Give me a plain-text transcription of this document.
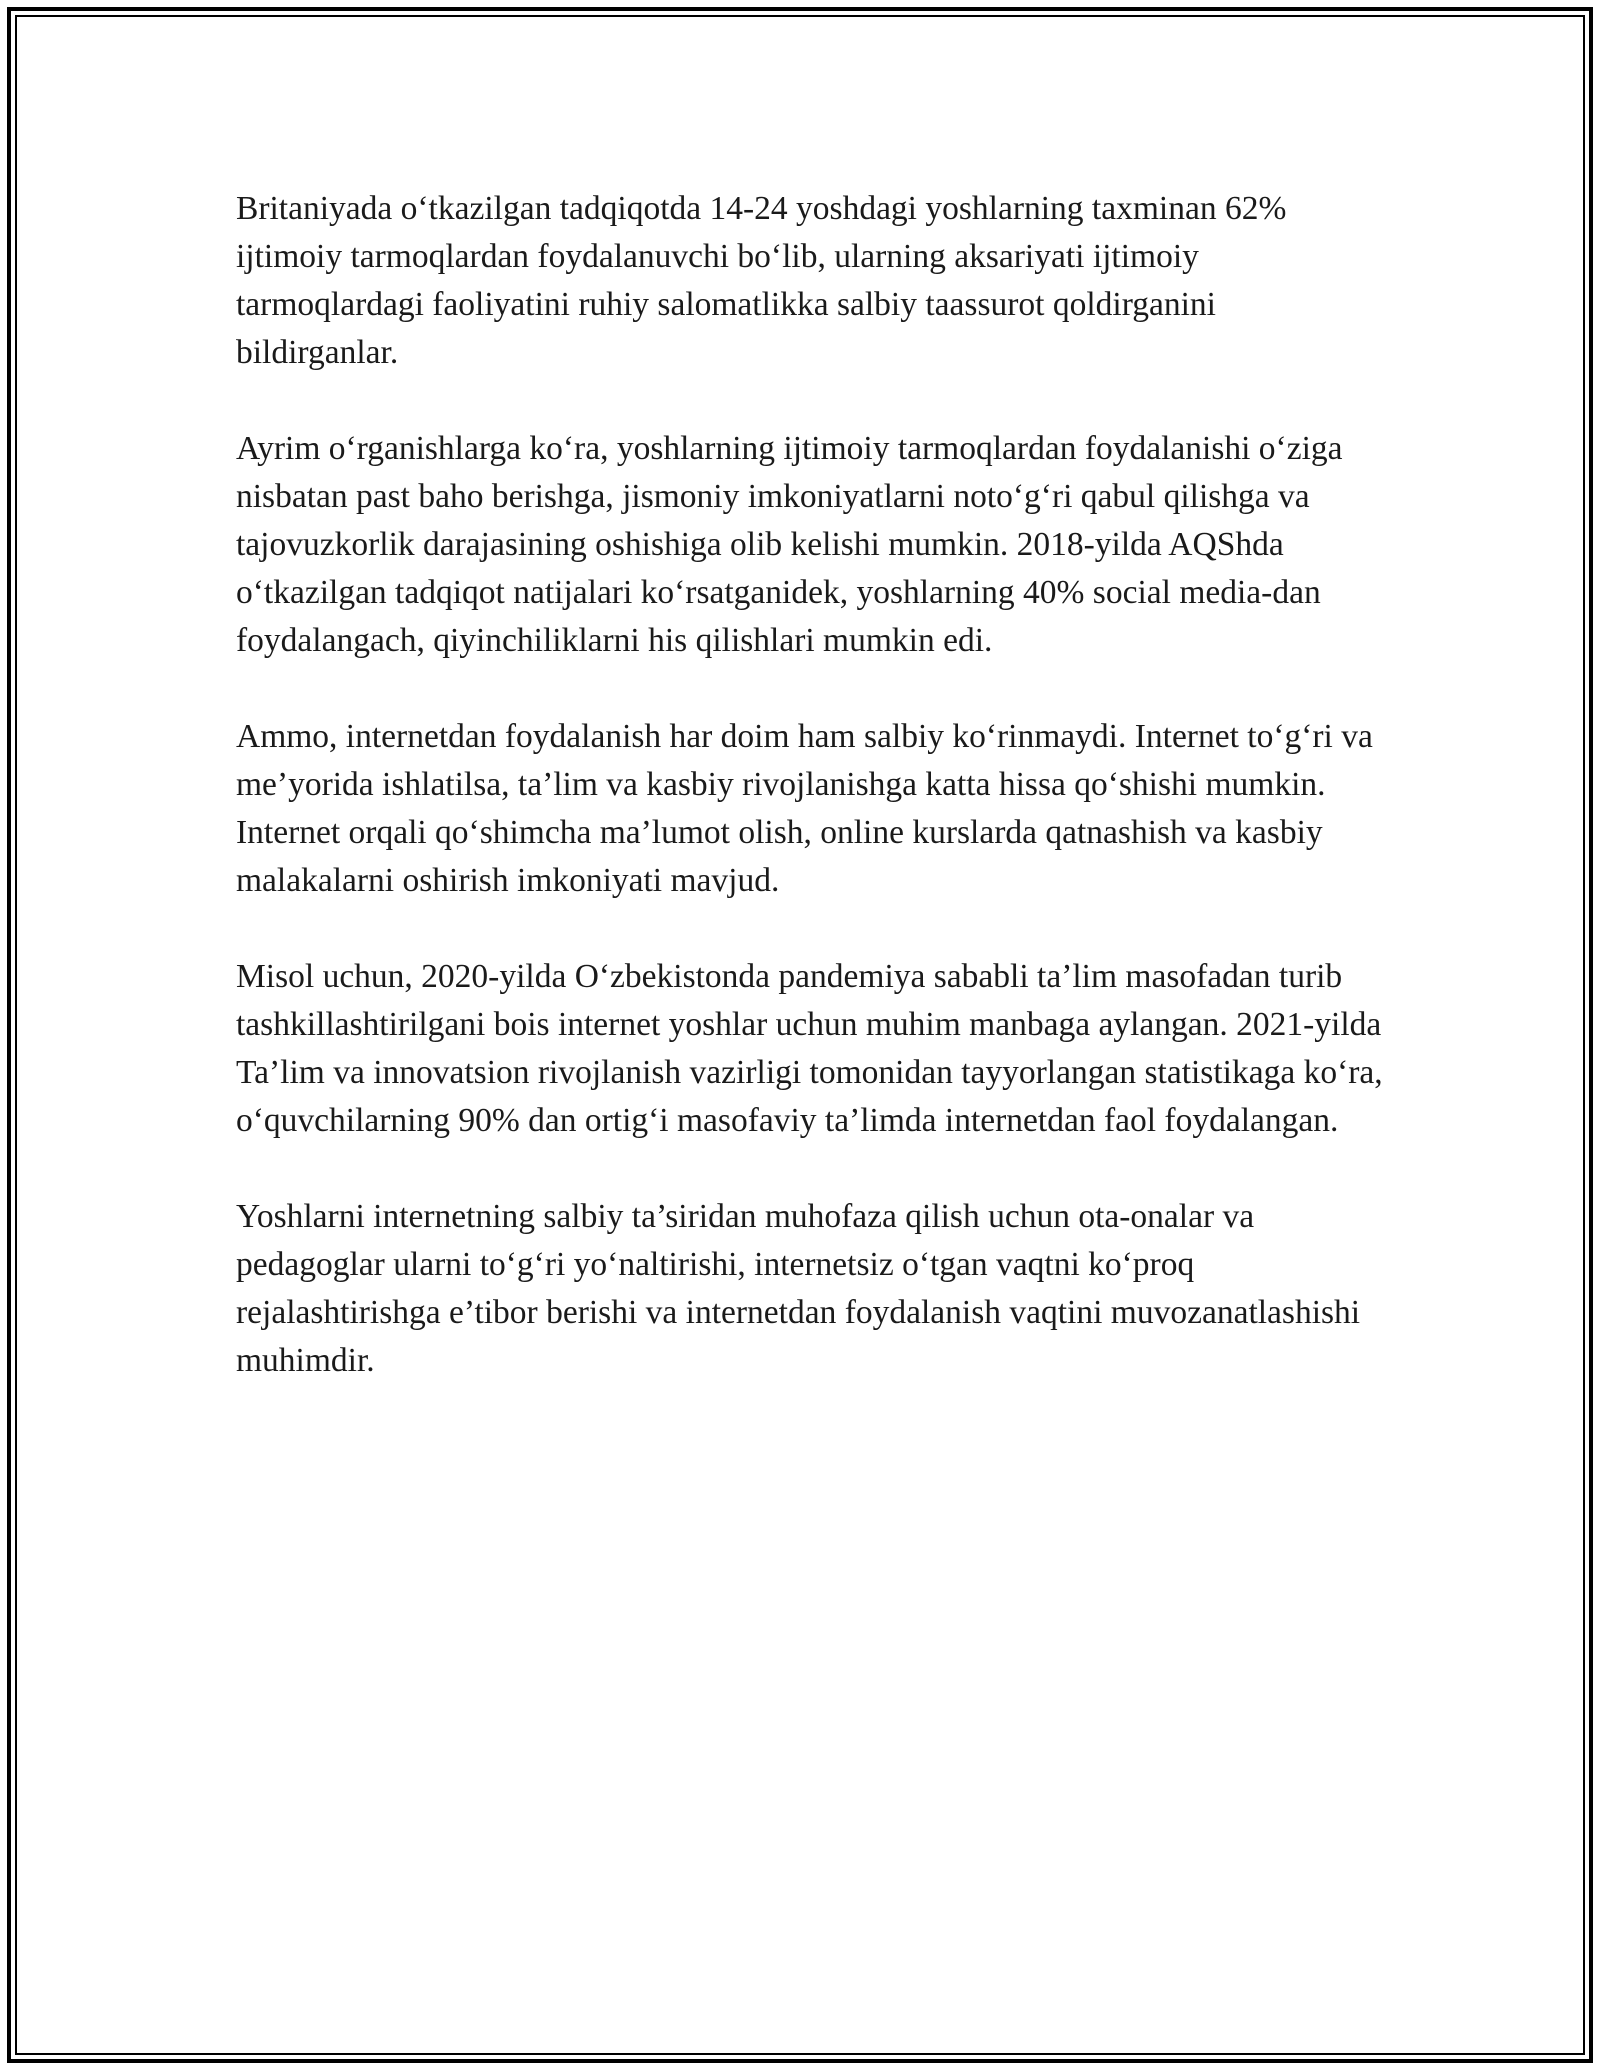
Britaniyada o‘tkazilgan tadqiqotda 14-24 yoshdagi yoshlarning taxminan 62% ijtimoiy tarmoqlardan foydalanuvchi bo‘lib, ularning aksariyati ijtimoiy tarmoqlardagi faoliyatini ruhiy salomatlikka salbiy taassurot qoldirganini bildirganlar.

Ayrim o‘rganishlarga ko‘ra, yoshlarning ijtimoiy tarmoqlardan foydalanishi o‘ziga nisbatan past baho berishga, jismoniy imkoniyatlarni noto‘g‘ri qabul qilishga va tajovuzkorlik darajasining oshishiga olib kelishi mumkin. 2018-yilda AQShda o‘tkazilgan tadqiqot natijalari ko‘rsatganidek, yoshlarning 40% social media-dan foydalangach, qiyinchiliklarni his qilishlari mumkin edi.

Ammo, internetdan foydalanish har doim ham salbiy ko‘rinmaydi. Internet to‘g‘ri va me’yorida ishlatilsa, ta’lim va kasbiy rivojlanishga katta hissa qo‘shishi mumkin. Internet orqali qo‘shimcha ma’lumot olish, online kurslarda qatnashish va kasbiy malakalarni oshirish imkoniyati mavjud.

Misol uchun, 2020-yilda O‘zbekistonda pandemiya sababli ta’lim masofadan turib tashkillashtirilgani bois internet yoshlar uchun muhim manbaga aylangan. 2021-yilda Ta’lim va innovatsion rivojlanish vazirligi tomonidan tayyorlangan statistikaga ko‘ra, o‘quvchilarning 90% dan ortig‘i masofaviy ta’limda internetdan faol foydalangan.

Yoshlarni internetning salbiy ta’siridan muhofaza qilish uchun ota-onalar va pedagoglar ularni to‘g‘ri yo‘naltirishi, internetsiz o‘tgan vaqtni ko‘proq rejalashtirishga e’tibor berishi va internetdan foydalanish vaqtini muvozanatlashishi muhimdir.
